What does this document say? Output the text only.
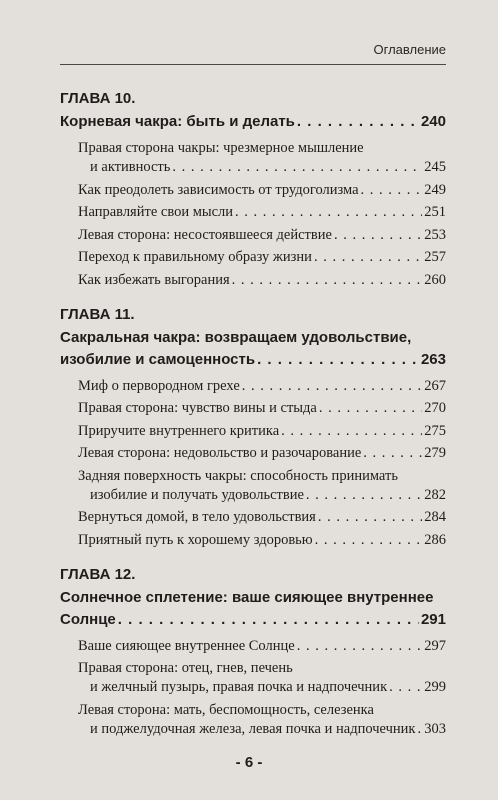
Оглавление
ГЛАВА 10.
Корневая чакра: быть и делать . . .	240
Правая сторона чакры: чрезмерное мышление
и активность . . .	245
Как преодолеть зависимость от трудоголизма . . .	249
Направляйте свои мысли . . .	251
Левая сторона: несостоявшееся действие . . .	253
Переход к правильному образу жизни . . .	257
Как избежать выгорания . . .	260
ГЛАВА 11.
Сакральная чакра: возвращаем удовольствие,
изобилие и самоценность . . .	263
Миф о первородном грехе . . .	267
Правая сторона: чувство вины и стыда . . .	270
Приручите внутреннего критика . . .	275
Левая сторона: недовольство и разочарование . . .	279
Задняя поверхность чакры: способность принимать
изобилие и получать удовольствие . . .	282
Вернуться домой, в тело удовольствия . . .	284
Приятный путь к хорошему здоровью . . .	286
ГЛАВА 12.
Солнечное сплетение: ваше сияющее внутреннее
Солнце . . .	291
Ваше сияющее внутреннее Солнце . . .	297
Правая сторона: отец, гнев, печень
и желчный пузырь, правая почка и надпочечник . . .	299
Левая сторона: мать, беспомощность, селезенка
и поджелудочная железа, левая почка и надпочечник . . . 303
- 6 -
